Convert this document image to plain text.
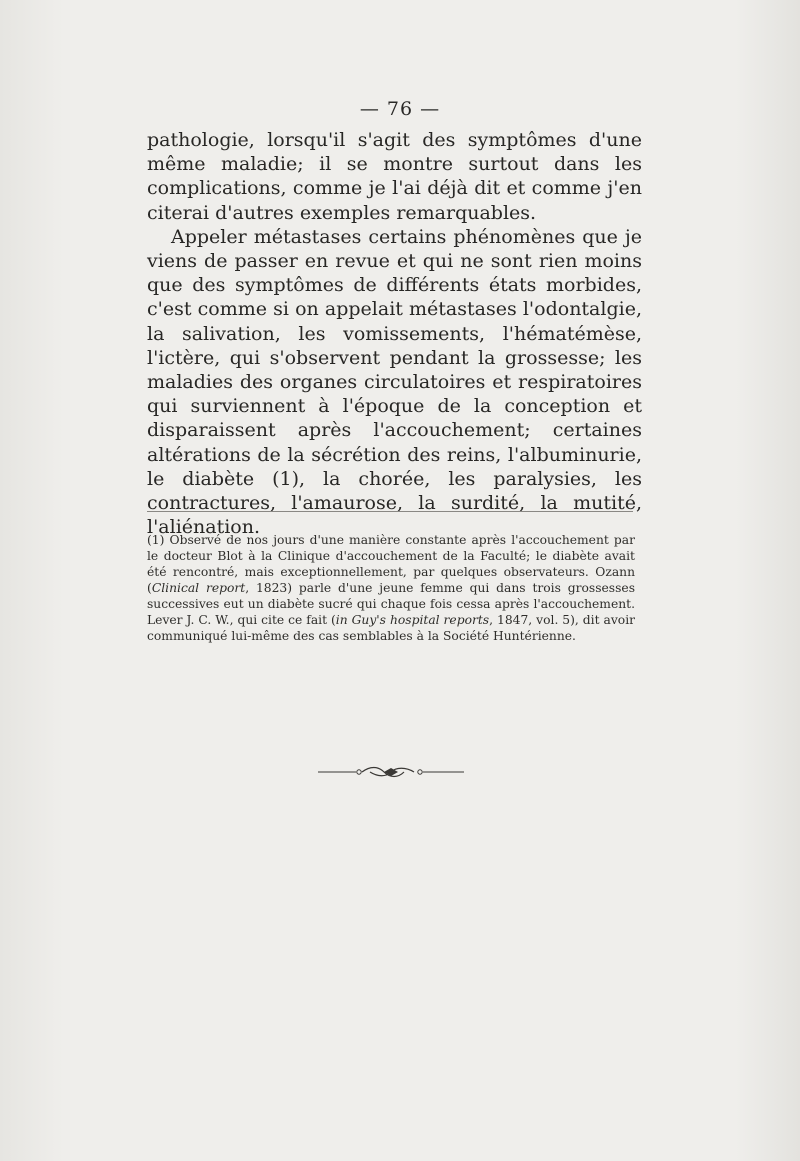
— 76 —

pathologie, lorsqu'il s'agit des symptômes d'une même maladie; il se montre surtout dans les complications, comme je l'ai déjà dit et comme j'en citerai d'autres exemples remarquables.

Appeler métastases certains phénomènes que je viens de passer en revue et qui ne sont rien moins que des symptômes de différents états morbides, c'est comme si on appelait métastases l'odontalgie, la salivation, les vomissements, l'hématémèse, l'ictère, qui s'observent pendant la grossesse; les maladies des organes circulatoires et respiratoires qui surviennent à l'époque de la conception et disparaissent après l'accouchement; certaines altérations de la sécrétion des reins, l'albuminurie, le diabète (1), la chorée, les paralysies, les contractures, l'amaurose, la surdité, la mutité, l'aliénation.

(1) Observé de nos jours d'une manière constante après l'accouchement par le docteur Blot à la Clinique d'accouchement de la Faculté; le diabète avait été rencontré, mais exceptionnellement, par quelques observateurs. Ozann (Clinical report, 1823) parle d'une jeune femme qui dans trois grossesses successives eut un diabète sucré qui chaque fois cessa après l'accouchement. Lever J. C. W., qui cite ce fait (in Guy's hospital reports, 1847, vol. 5), dit avoir communiqué lui-même des cas semblables à la Société Huntérienne.
